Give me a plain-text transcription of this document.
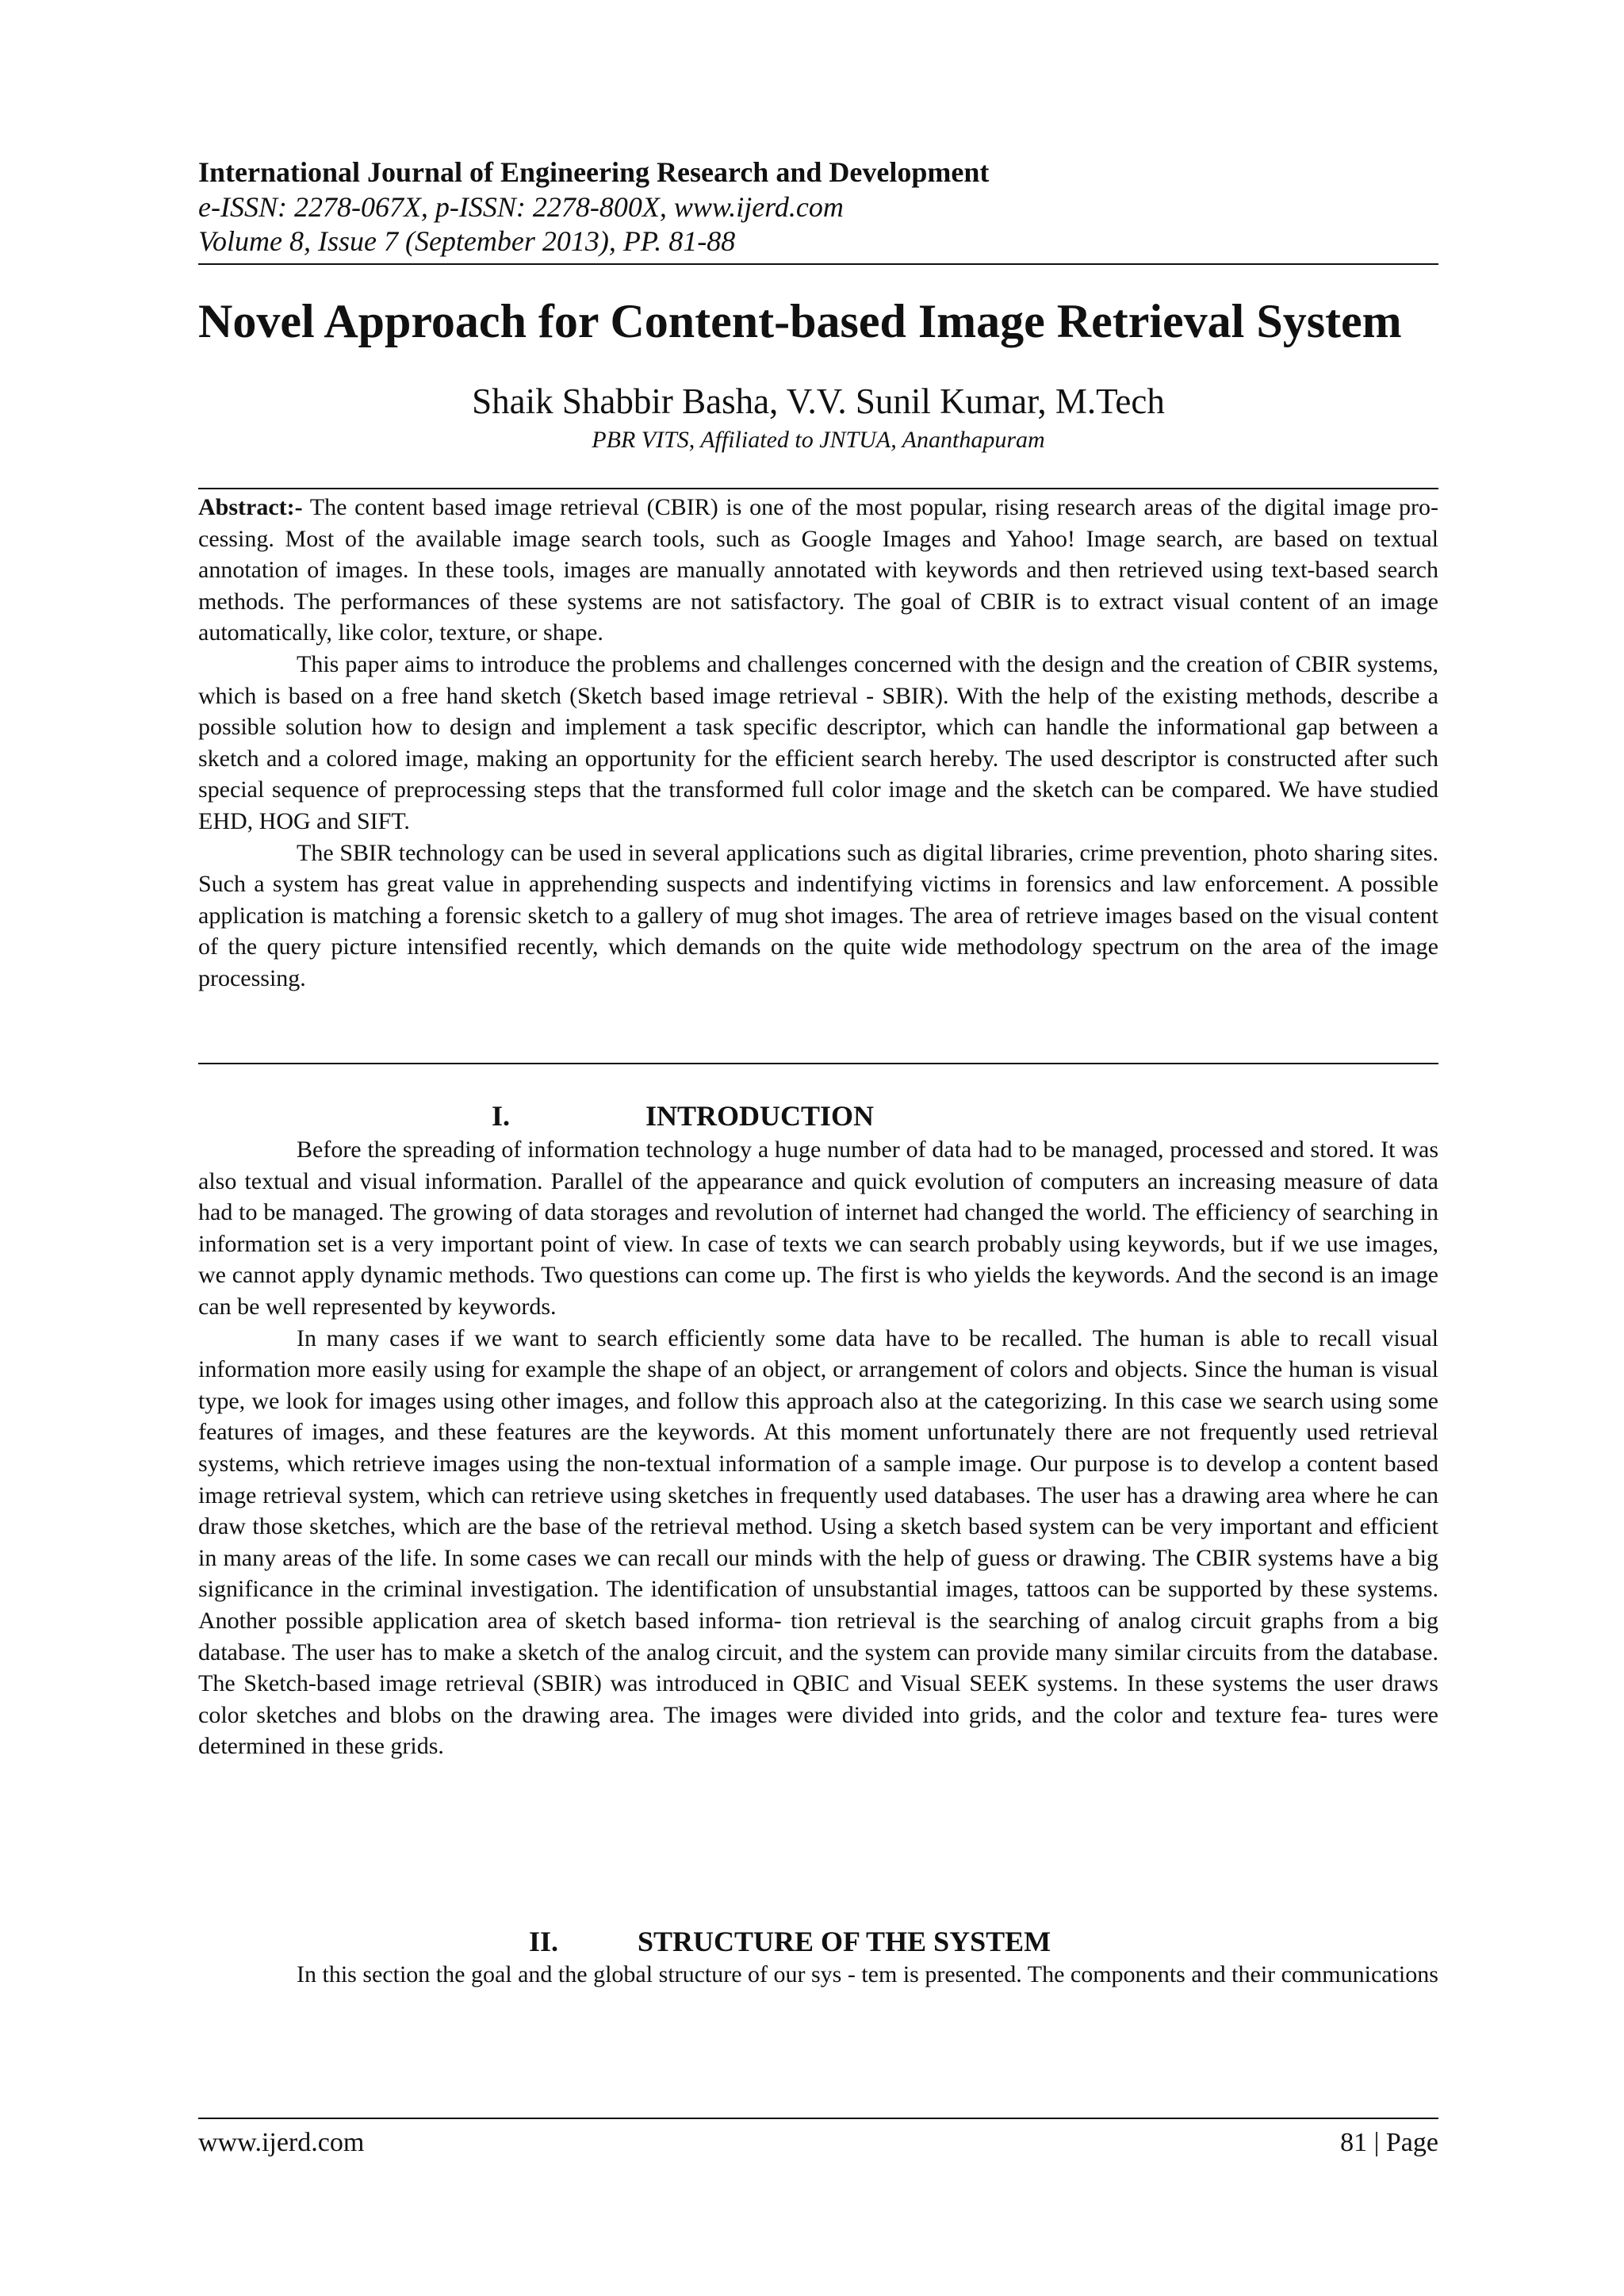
International Journal of Engineering Research and Development
e-ISSN: 2278-067X, p-ISSN: 2278-800X, www.ijerd.com
Volume 8, Issue 7 (September 2013), PP. 81-88
Novel Approach for Content-based Image Retrieval System
Shaik Shabbir Basha, V.V. Sunil Kumar, M.Tech
PBR VITS, Affiliated to JNTUA, Ananthapuram

Abstract:- The content based image retrieval (CBIR) is one of the most popular, rising research areas of the digital image pro- cessing. Most of the available image search tools, such as Google Images and Yahoo! Image search, are based on textual annotation of images. In these tools, images are manually annotated with keywords and then retrieved using text-based search methods. The performances of these systems are not satisfactory. The goal of CBIR is to extract visual content of an image automatically, like color, texture, or shape.

This paper aims to introduce the problems and challenges concerned with the design and the creation of CBIR systems, which is based on a free hand sketch (Sketch based image retrieval - SBIR). With the help of the existing methods, describe a possible solution how to design and implement a task specific descriptor, which can handle the informational gap between a sketch and a colored image, making an opportunity for the efficient search hereby. The used descriptor is constructed after such special sequence of preprocessing steps that the transformed full color image and the sketch can be compared. We have studied EHD, HOG and SIFT.

The SBIR technology can be used in several applications such as digital libraries, crime prevention, photo sharing sites. Such a system has great value in apprehending suspects and indentifying victims in forensics and law enforcement. A possible application is matching a forensic sketch to a gallery of mug shot images. The area of retrieve images based on the visual content of the query picture intensified recently, which demands on the quite wide methodology spectrum on the area of the image processing.

I.	INTRODUCTION

Before the spreading of information technology a huge number of data had to be managed, processed and stored. It was also textual and visual information. Parallel of the appearance and quick evolution of computers an increasing measure of data had to be managed. The growing of data storages and revolution of internet had changed the world. The efficiency of searching in information set is a very important point of view. In case of texts we can search probably using keywords, but if we use images, we cannot apply dynamic methods. Two questions can come up. The first is who yields the keywords. And the second is an image can be well represented by keywords.

In many cases if we want to search efficiently some data have to be recalled. The human is able to recall visual information more easily using for example the shape of an object, or arrangement of colors and objects. Since the human is visual type, we look for images using other images, and follow this approach also at the categorizing. In this case we search using some features of images, and these features are the keywords. At this moment unfortunately there are not frequently used retrieval systems, which retrieve images using the non-textual information of a sample image. Our purpose is to develop a content based image retrieval system, which can retrieve using sketches in frequently used databases. The user has a drawing area where he can draw those sketches, which are the base of the retrieval method. Using a sketch based system can be very important and efficient in many areas of the life. In some cases we can recall our minds with the help of guess or drawing. The CBIR systems have a big significance in the criminal investigation. The identification of unsubstantial images, tattoos can be supported by these systems. Another possible application area of sketch based informa- tion retrieval is the searching of analog circuit graphs from a big database. The user has to make a sketch of the analog circuit, and the system can provide many similar circuits from the database. The Sketch-based image retrieval (SBIR) was introduced in QBIC and Visual SEEK systems. In these systems the user draws color sketches and blobs on the drawing area. The images were divided into grids, and the color and texture fea- tures were determined in these grids.

II.	STRUCTURE OF THE SYSTEM

In this section the goal and the global structure of our sys - tem is presented. The components and their communications

www.ijerd.com	81 | Page
